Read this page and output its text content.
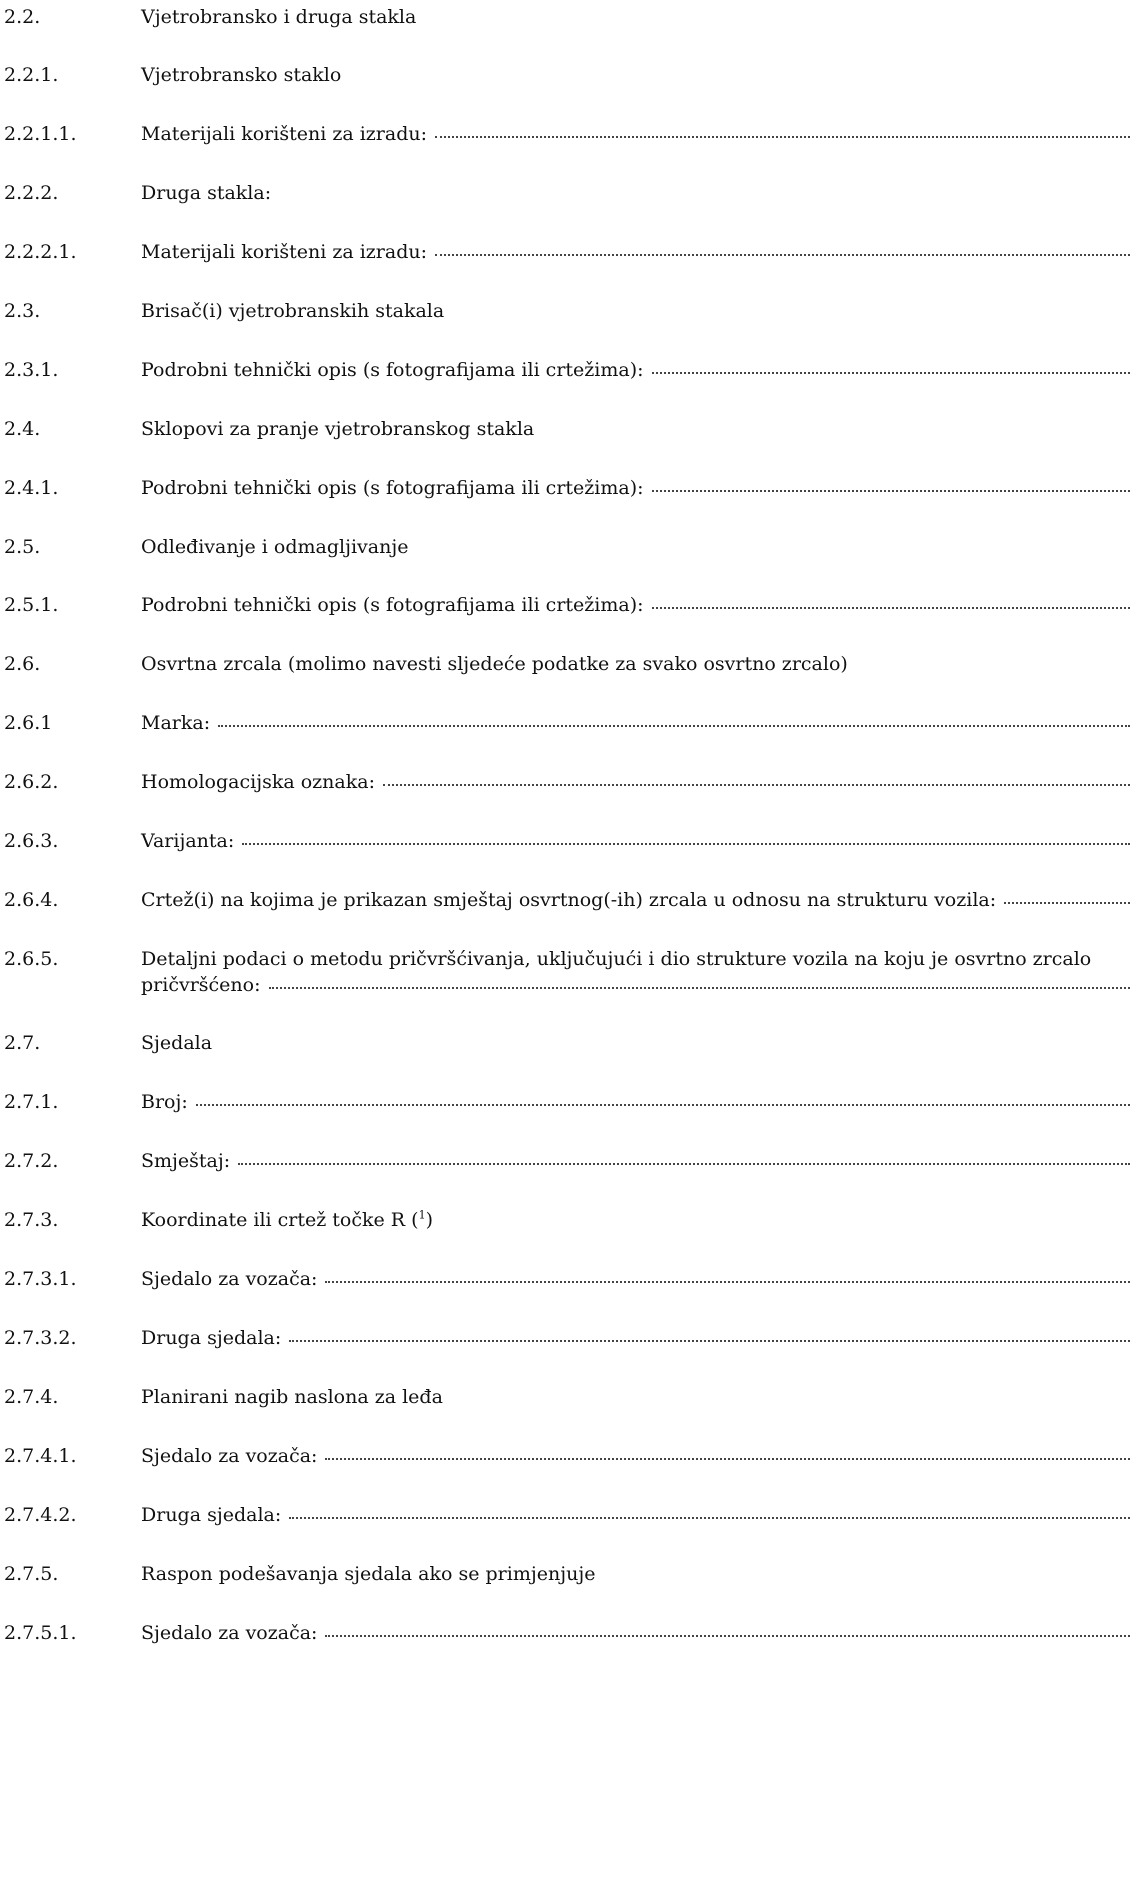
2.2.	Vjetrobransko i druga stakla
2.2.1.	Vjetrobransko staklo
2.2.1.1.	Materijali korišteni za izradu:
2.2.2.	Druga stakla:
2.2.2.1.	Materijali korišteni za izradu:
2.3.	Brisač(i) vjetrobranskih stakala
2.3.1.	Podrobni tehnički opis (s fotografijama ili crtežima):
2.4.	Sklopovi za pranje vjetrobranskog stakla
2.4.1.	Podrobni tehnički opis (s fotografijama ili crtežima):
2.5.	Odleđivanje i odmagljivanje
2.5.1.	Podrobni tehnički opis (s fotografijama ili crtežima):
2.6.	Osvrtna zrcala (molimo navesti sljedeće podatke za svako osvrtno zrcalo)
2.6.1	Marka:
2.6.2.	Homologacijska oznaka:
2.6.3.	Varijanta:
2.6.4.	Crtež(i) na kojima je prikazan smještaj osvrtnog(-ih) zrcala u odnosu na strukturu vozila:
2.6.5.	Detaljni podaci o metodu pričvršćivanja, uključujući i dio strukture vozila na koju je osvrtno zrcalo
pričvršćeno:
2.7.	Sjedala
2.7.1.	Broj:
2.7.2.	Smještaj:
2.7.3.	Koordinate ili crtež točke R ($^1$)
2.7.3.1.	Sjedalo za vozača:
2.7.3.2.	Druga sjedala:
2.7.4.	Planirani nagib naslona za leđa
2.7.4.1.	Sjedalo za vozača:
2.7.4.2.	Druga sjedala:
2.7.5.	Raspon podešavanja sjedala ako se primjenjuje
2.7.5.1.	Sjedalo za vozača:
